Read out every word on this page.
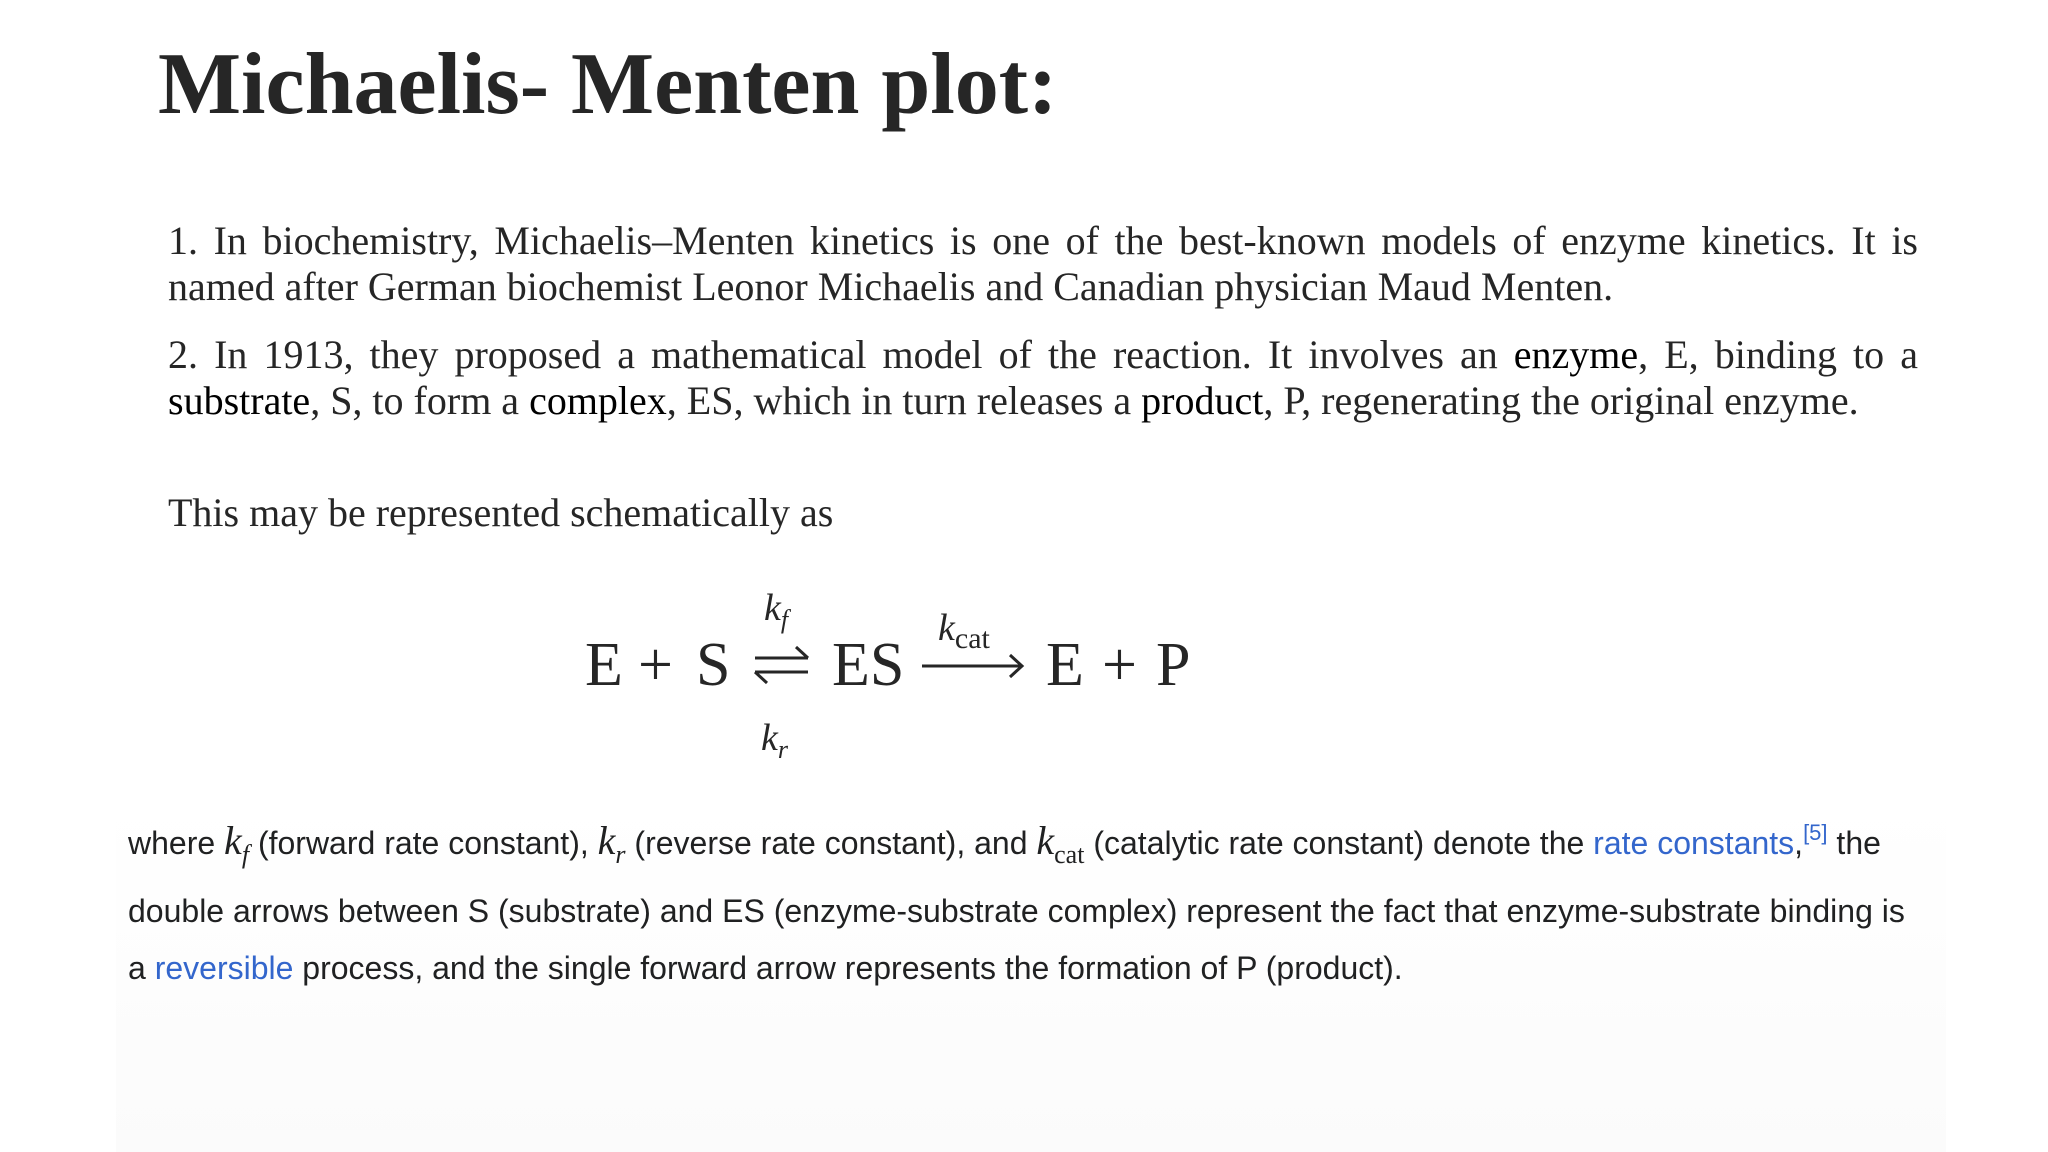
Michaelis- Menten plot:

1. In biochemistry, Michaelis–Menten kinetics is one of the best-known models of enzyme kinetics. It is named after German biochemist Leonor Michaelis and Canadian physician Maud Menten.

2. In 1913, they proposed a mathematical model of the reaction. It involves an enzyme, E, binding to a substrate, S, to form a complex, ES, which in turn releases a product, P, regenerating the original enzyme.

This may be represented schematically as

E + S ES E + P
$k_f$
$k_r$
$k_{cat}$

where $k_f$ (forward rate constant), $k_r$ (reverse rate constant), and $k_{cat}$ (catalytic rate constant) denote the rate constants,[5] the double arrows between S (substrate) and ES (enzyme-substrate complex) represent the fact that enzyme-substrate binding is a reversible process, and the single forward arrow represents the formation of P (product).
